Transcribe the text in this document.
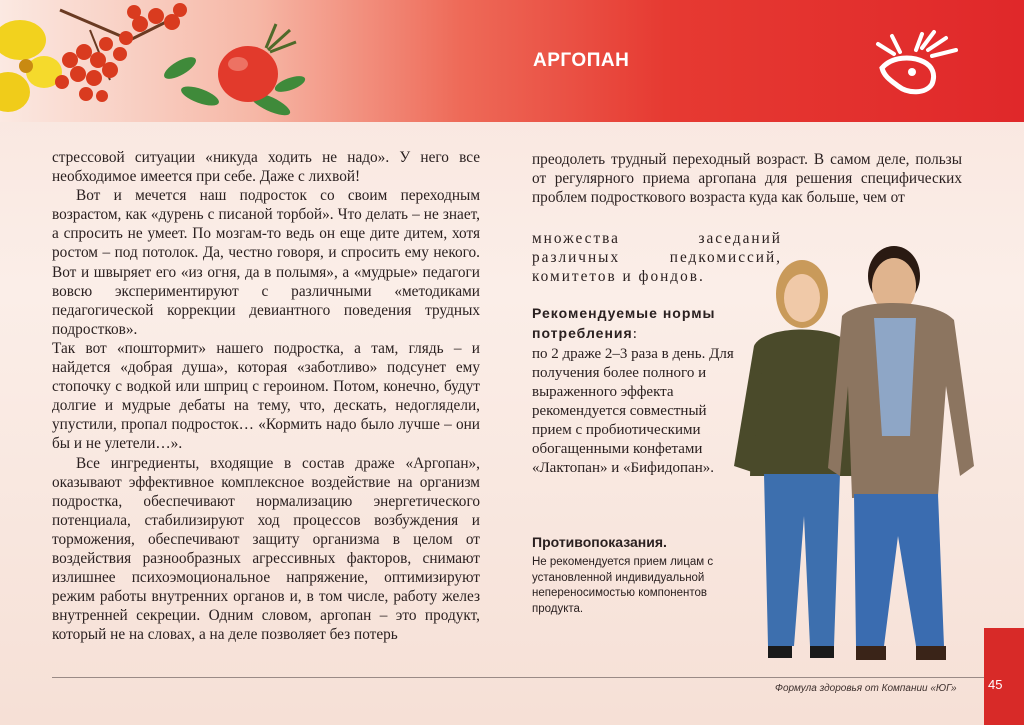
АРГОПАН

стрессовой ситуации «никуда ходить не надо». У него все необходимое имеется при себе. Даже с лихвой!

Вот и мечется наш подросток со своим переходным возрастом, как «дурень с писаной торбой». Что делать – не знает, а спросить не умеет. По мозгам-то ведь он еще дите дитем, хотя ростом – под потолок. Да, честно говоря, и спросить ему некого. Вот и швыряет его «из огня, да в полымя», а «мудрые» педагоги вовсю экспериментируют с различными «методиками педагогической коррекции девиантного поведения трудных подростков».

Так вот «поштормит» нашего подростка, а там, глядь – и найдется «добрая душа», которая «заботливо» подсунет ему стопочку с водкой или шприц с героином. Потом, конечно, будут долгие и мудрые дебаты на тему, что, дескать, недоглядели, упустили, пропал подросток… «Кормить надо было лучше – они бы и не улетели…».

Все ингредиенты, входящие в состав драже «Аргопан», оказывают эффективное комплексное воздействие на организм подростка, обеспечивают нормализацию энергетического потенциала, стабилизируют ход процессов возбуждения и торможения, обеспечивают защиту организма в целом от воздействия разнообразных агрессивных факторов, снимают излишнее психоэмоциональное напряжение, оптимизируют режим работы внутренних органов и, в том числе, работу желез внутренней секреции. Одним словом, аргопан – это продукт, который не на словах, а на деле позволяет без потерь

преодолеть трудный переходный возраст. В самом деле, пользы от регулярного приема аргопана для решения специфических проблем подросткового возраста куда как больше, чем от

множества заседаний различных педкомиссий, комитетов и фондов.

Рекомендуемые нормы потребления:

по 2 драже 2–3 раза в день. Для получения более полного и выраженного эффекта рекомендуется совместный прием с пробиотическими обогащенными конфетами «Лактопан» и «Бифидопан».

Противопоказания.
Не рекомендуется прием лицам с установленной индивидуальной непереносимостью компонентов продукта.
Формула здоровья от Компании «ЮГ» 45
